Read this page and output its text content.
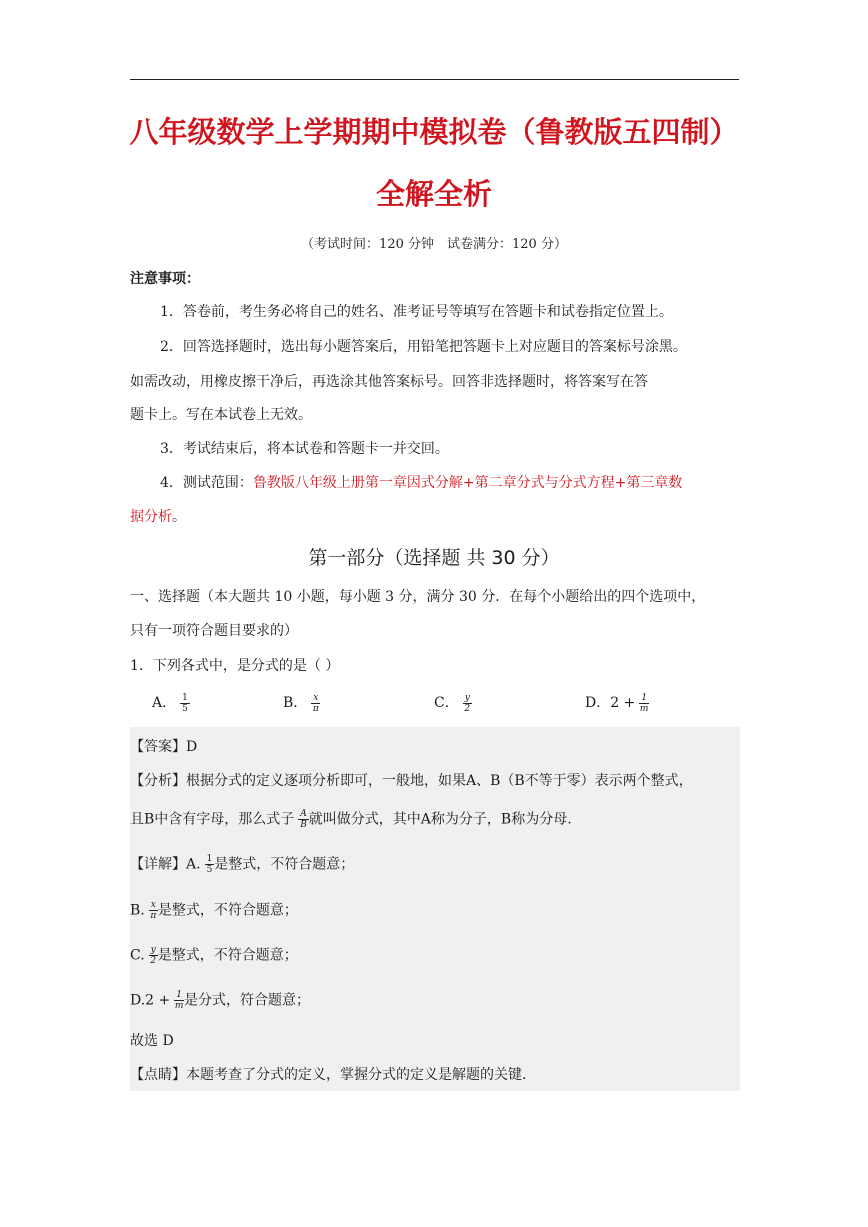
八年级数学上学期期中模拟卷（鲁教版五四制）
全解全析
（考试时间：120 分钟　试卷满分：120 分）
注意事项：
1．答卷前，考生务必将自己的姓名、准考证号等填写在答题卡和试卷指定位置上。
2．回答选择题时，选出每小题答案后，用铅笔把答题卡上对应题目的答案标号涂黑。
如需改动，用橡皮擦干净后，再选涂其他答案标号。回答非选择题时，将答案写在答
题卡上。写在本试卷上无效。
3．考试结束后，将本试卷和答题卡一并交回。
4．测试范围：鲁教版八年级上册第一章因式分解+第二章分式与分式方程+第三章数
据分析。
第一部分（选择题 共 30 分）
一、选择题（本大题共 10 小题，每小题 3 分，满分 30 分．在每个小题给出的四个选项中，
只有一项符合题目要求的）
1．下列各式中，是分式的是（ ）
A． $\frac{1}{5}$	B． $\frac{x}{\pi}$	C． $\frac{y}{2}$	D．$2 + \frac{1}{m}$
【答案】D
【分析】根据分式的定义逐项分析即可，一般地，如果A、B（B不等于零）表示两个整式，
且B中含有字母，那么式子 $\frac{A}{B}$ 就叫做分式，其中A称为分子，B称为分母.
【详解】A. $\frac{1}{5}$ 是整式，不符合题意；
B. $\frac{x}{\pi}$ 是整式，不符合题意；
C. $\frac{y}{2}$ 是整式，不符合题意；
$D.2 + \frac{1}{m}$ 是分式，符合题意；
故选 D
【点睛】本题考查了分式的定义，掌握分式的定义是解题的关键.
